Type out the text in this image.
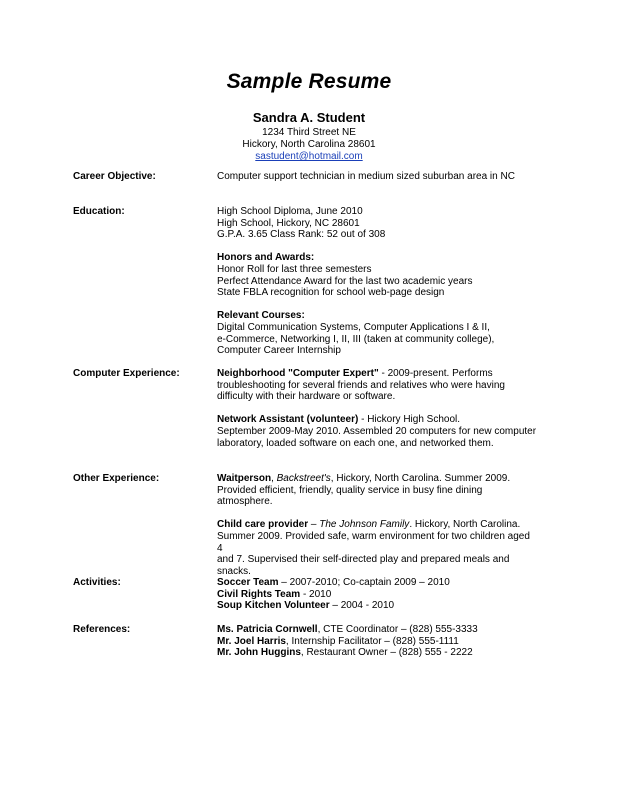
Sample Resume
Sandra A. Student
1234 Third Street NE
Hickory, North Carolina 28601
sastudent@hotmail.com
Career Objective:	Computer support technician in medium sized suburban area in NC

Education:	High School Diploma, June 2010

High School, Hickory, NC 28601

G.P.A. 3.65 Class Rank: 52 out of 308

Honors and Awards:

Honor Roll for last three semesters

Perfect Attendance Award for the last two academic years

State FBLA recognition for school web-page design

Relevant Courses:

Digital Communication Systems, Computer Applications I & II,

e-Commerce, Networking I, II, III (taken at community college),

Computer Career Internship

Computer Experience:	Neighborhood "Computer Expert" - 2009-present. Performs

troubleshooting for several friends and relatives who were having

difficulty with their hardware or software.

Network Assistant (volunteer) - Hickory High School.

September 2009-May 2010. Assembled 20 computers for new computer

laboratory, loaded software on each one, and networked them.

Other Experience:	Waitperson, Backstreet's, Hickory, North Carolina. Summer 2009.

Provided efficient, friendly, quality service in busy fine dining

atmosphere.

Child care provider – The Johnson Family. Hickory, North Carolina.

Summer 2009. Provided safe, warm environment for two children aged 4

and 7. Supervised their self-directed play and prepared meals and

snacks.

Activities:	Soccer Team – 2007-2010; Co-captain 2009 – 2010

Civil Rights Team - 2010

Soup Kitchen Volunteer – 2004 - 2010

References:	Ms. Patricia Cornwell, CTE Coordinator – (828) 555-3333

Mr. Joel Harris, Internship Facilitator – (828) 555-1111

Mr. John Huggins, Restaurant Owner – (828) 555 - 2222
